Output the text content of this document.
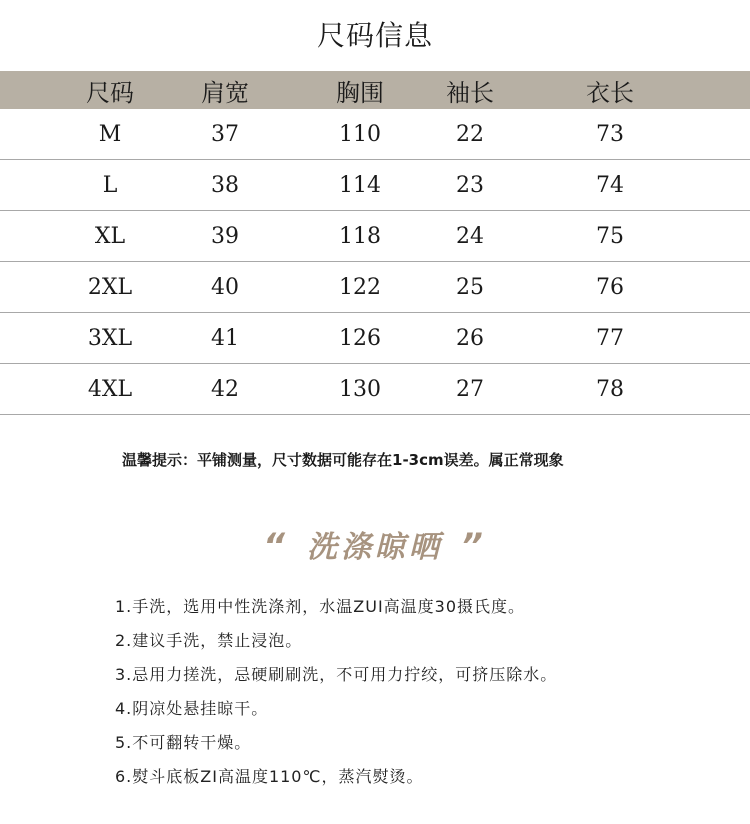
尺码信息
尺码	肩宽	胸围	袖长	衣长
M	37	110	22	73
L	38	114	23	74
XL	39	118	24	75
2XL	40	122	25	76
3XL	41	126	26	77
4XL	42	130	27	78
温馨提示：平铺测量，尺寸数据可能存在1-3cm误差。属正常现象
“ 洗涤晾晒 ”
1.手洗，选用中性洗涤剂，水温ZUI高温度30摄氏度。
2.建议手洗，禁止浸泡。
3.忌用力搓洗，忌硬刷刷洗，不可用力拧绞，可挤压除水。
4.阴凉处悬挂晾干。
5.不可翻转干燥。
6.熨斗底板ZI高温度110℃，蒸汽熨烫。
